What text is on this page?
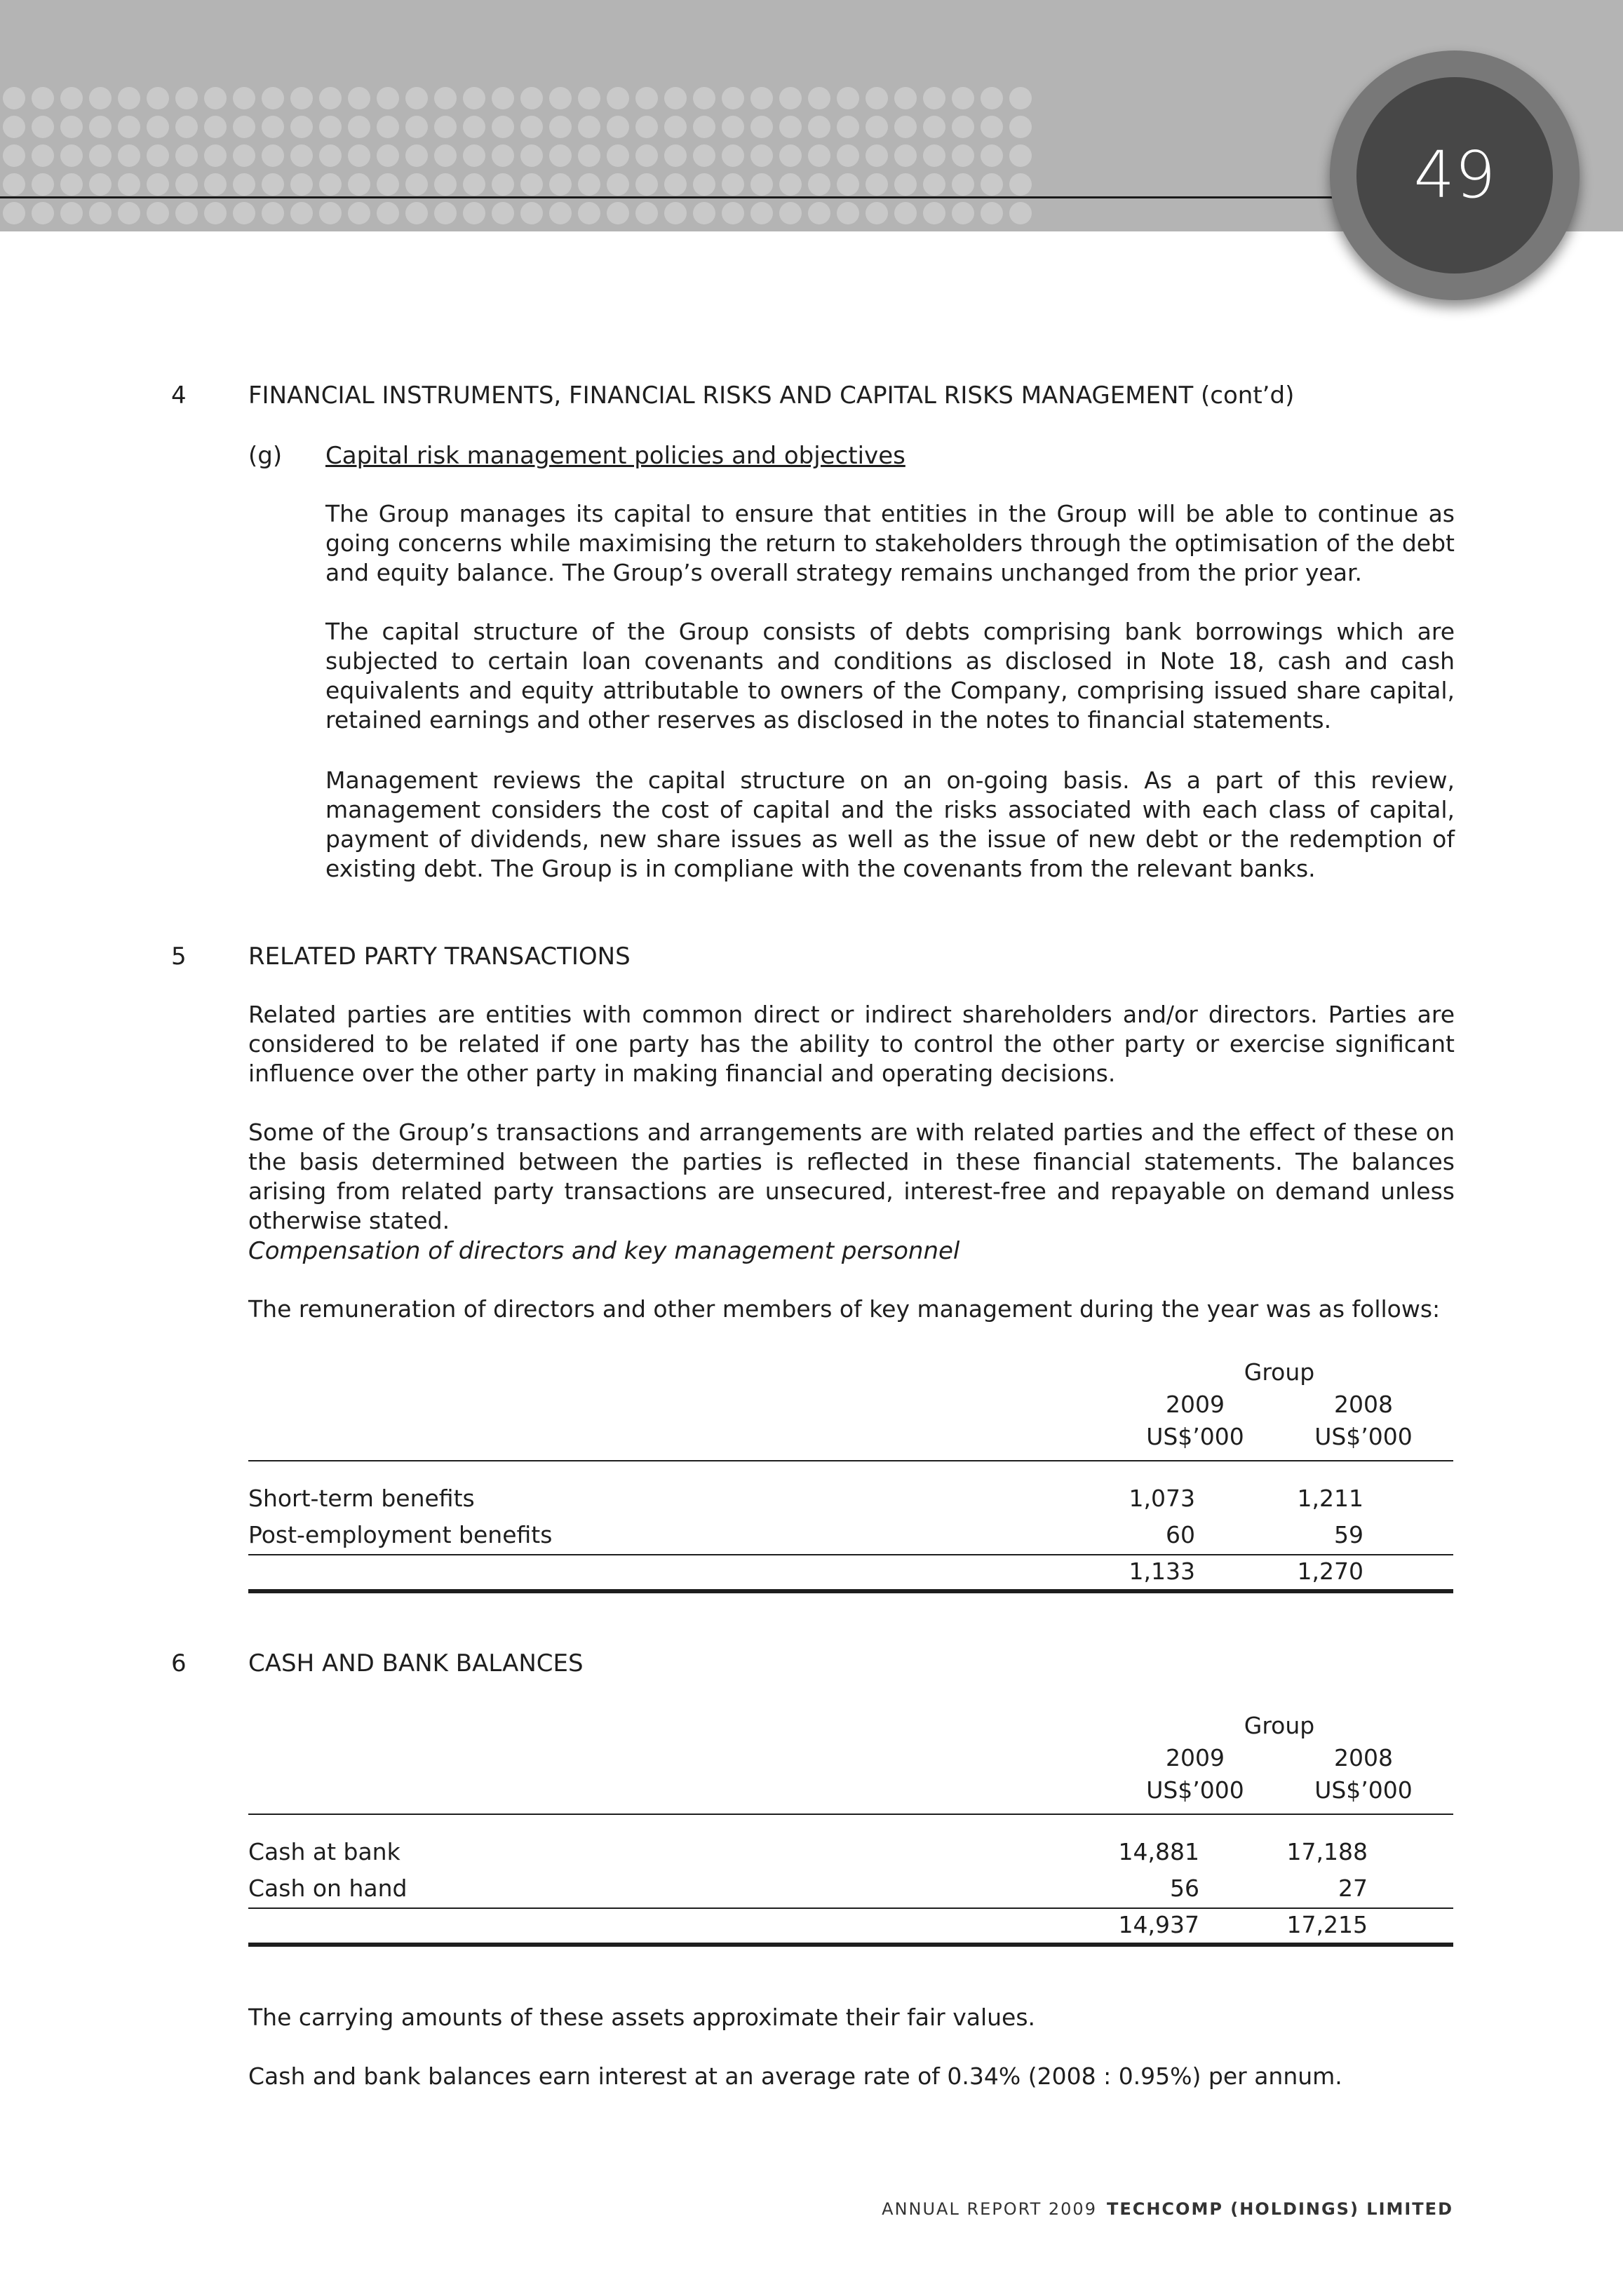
49
4	FINANCIAL INSTRUMENTS, FINANCIAL RISKS AND CAPITAL RISKS MANAGEMENT (cont’d)
(g) Capital risk management policies and objectives

The Group manages its capital to ensure that entities in the Group will be able to continue as going concerns while maximising the return to stakeholders through the optimisation of the debt and equity balance. The Group’s overall strategy remains unchanged from the prior year.

The capital structure of the Group consists of debts comprising bank borrowings which are subjected to certain loan covenants and conditions as disclosed in Note 18, cash and cash equivalents and equity attributable to owners of the Company, comprising issued share capital, retained earnings and other reserves as disclosed in the notes to financial statements.

Management reviews the capital structure on an on-going basis. As a part of this review, management considers the cost of capital and the risks associated with each class of capital, payment of dividends, new share issues as well as the issue of new debt or the redemption of existing debt. The Group is in compliane with the covenants from the relevant banks.

5	RELATED PARTY TRANSACTIONS

Related parties are entities with common direct or indirect shareholders and/or directors. Parties are considered to be related if one party has the ability to control the other party or exercise significant influence over the other party in making financial and operating decisions.

Some of the Group’s transactions and arrangements are with related parties and the effect of these on the basis determined between the parties is reflected in these financial statements. The balances arising from related party transactions are unsecured, interest-free and repayable on demand unless otherwise stated.

Compensation of directors and key management personnel
The remuneration of directors and other members of key management during the year was as follows:
Group
2009	2008
US$’000	US$’000
Short-term benefits	1,073	1,211
Post-employment benefits	60	59
1,133	1,270
6	CASH AND BANK BALANCES
Group
2009	2008
US$’000	US$’000
Cash at bank	14,881	17,188
Cash on hand	56	27
14,937	17,215

The carrying amounts of these assets approximate their fair values.

Cash and bank balances earn interest at an average rate of 0.34% (2008 : 0.95%) per annum.

ANNUAL REPORT 2009 TECHCOMP (HOLDINGS) LIMITED
